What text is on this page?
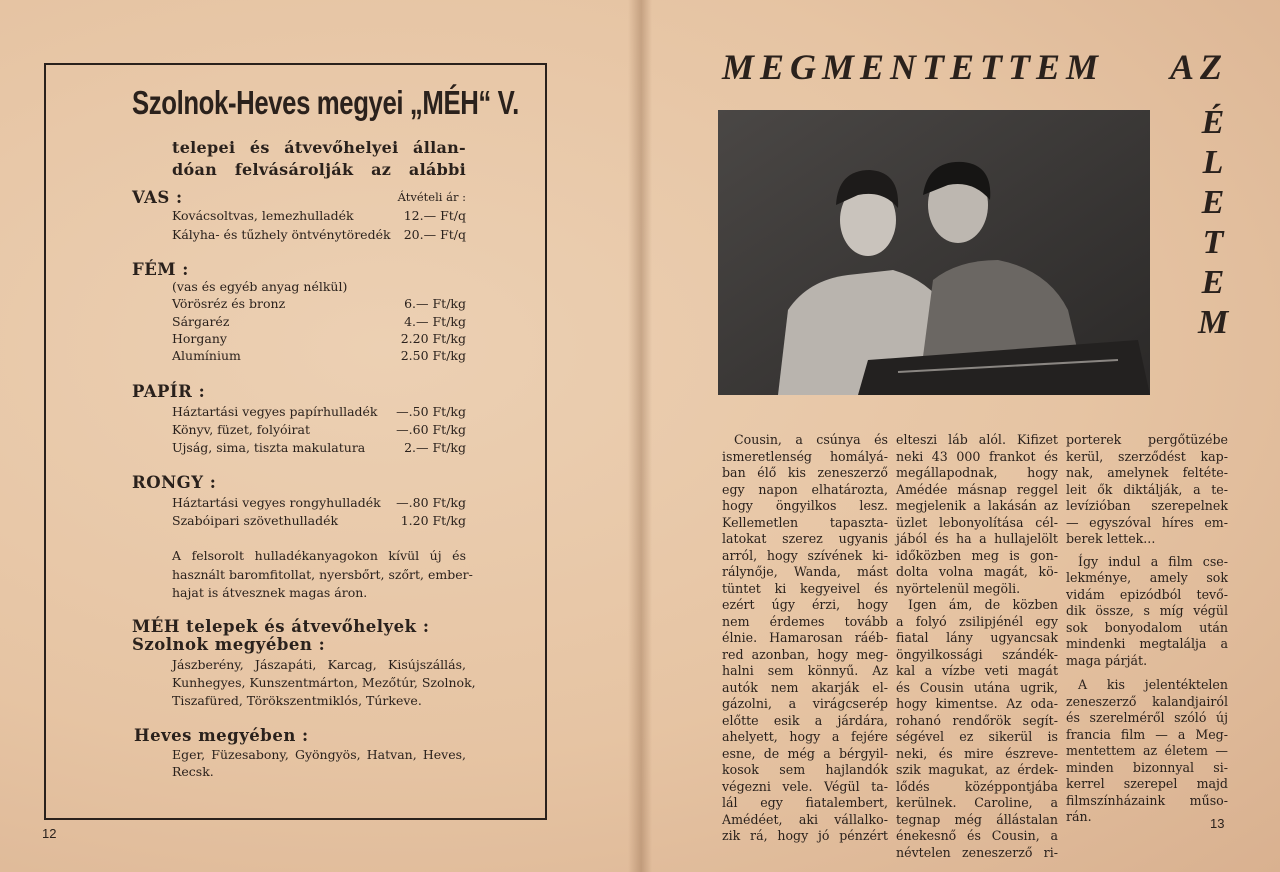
Szolnok-Heves megyei „MÉH“ V.
telepei és átvevőhelyei állan-
dóan felvásárolják az alábbi
VAS :	Átvételi ár :
Kovácsoltvas, lemezhulladék	12.— Ft/q
Kályha- és tűzhely öntvénytöredék 20.— Ft/q
FÉM :
(vas és egyéb anyag nélkül)
Vörösréz és bronz	6.— Ft/kg
Sárgaréz	4.— Ft/kg
Horgany	2.20 Ft/kg
Alumínium	2.50 Ft/kg
PAPÍR :
Háztartási vegyes papírhulladék —.50 Ft/kg
Könyv, füzet, folyóirat	—.60 Ft/kg
Ujság, sima, tiszta makulatura	2.— Ft/kg
RONGY :
Háztartási vegyes rongyhulladék —.80 Ft/kg
Szabóipari szövethulladék	1.20 Ft/kg
A felsorolt hulladékanyagokon kívül új és
használt baromfitollat, nyersbőrt, szőrt, ember-
hajat is átvesznek magas áron.
MÉH telepek és átvevőhelyek :
Szolnok megyében :
Jászberény, Jászapáti, Karcag, Kisújszállás,
Kunhegyes, Kunszentmárton, Mezőtúr, Szolnok,
Tiszafüred, Törökszentmiklós, Túrkeve.
Heves megyében :
Eger, Füzesabony, Gyöngyös, Hatvan, Heves,
Recsk.
12
MEGMENTETTEM AZ
É
L
E
T
E
M
Cousin, a csúnya és
ismeretlenség homályá-
ban élő kis zeneszerző
egy napon elhatározta,
hogy öngyilkos lesz.
Kellemetlen tapaszta-
latokat szerez ugyanis
arról, hogy szívének ki-
rálynője, Wanda, mást
tüntet ki kegyeivel és
ezért úgy érzi, hogy
nem érdemes tovább
élnie. Hamarosan ráéb-
red azonban, hogy meg-
halni sem könnyű. Az
autók nem akarják el-
gázolni, a virágcserép
előtte esik a járdára,
ahelyett, hogy a fejére
esne, de még a bérgyil-
kosok sem hajlandók
végezni vele. Végül ta-
lál egy fiatalembert,
Amédéet, aki vállalko-
zik rá, hogy jó pénzért
elteszi láb alól. Kifizet
neki 43 000 frankot és
megállapodnak, hogy
Amédée másnap reggel
megjelenik a lakásán az
üzlet lebonyolítása cél-
jából és ha a hullajelölt
időközben meg is gon-
dolta volna magát, kö-
nyörtelenül megöli.
Igen ám, de közben
a folyó zsilipjénél egy
fiatal lány ugyancsak
öngyilkossági szándék-
kal a vízbe veti magát
és Cousin utána ugrik,
hogy kimentse. Az oda-
rohanó rendőrök segít-
ségével ez sikerül is
neki, és mire észreve-
szik magukat, az érdek-
lődés középpontjába
kerülnek. Caroline, a
tegnap még állástalan
énekesnő és Cousin, a
névtelen zeneszerző ri-
porterek pergőtüzébe
kerül, szerződést kap-
nak, amelynek feltéte-
leit ők diktálják, a te-
levízióban szerepelnek
— egyszóval híres em-
berek lettek...
Így indul a film cse-
lekménye, amely sok
vidám epizódból tevő-
dik össze, s míg végül
sok bonyodalom után
mindenki megtalálja a
maga párját.
A kis jelentéktelen
zeneszerző kalandjairól
és szerelméről szóló új
francia film — a Meg-
mentettem az életem —
minden bizonnyal si-
kerrel szerepel majd
filmszínházaink műso-
rán.	13
